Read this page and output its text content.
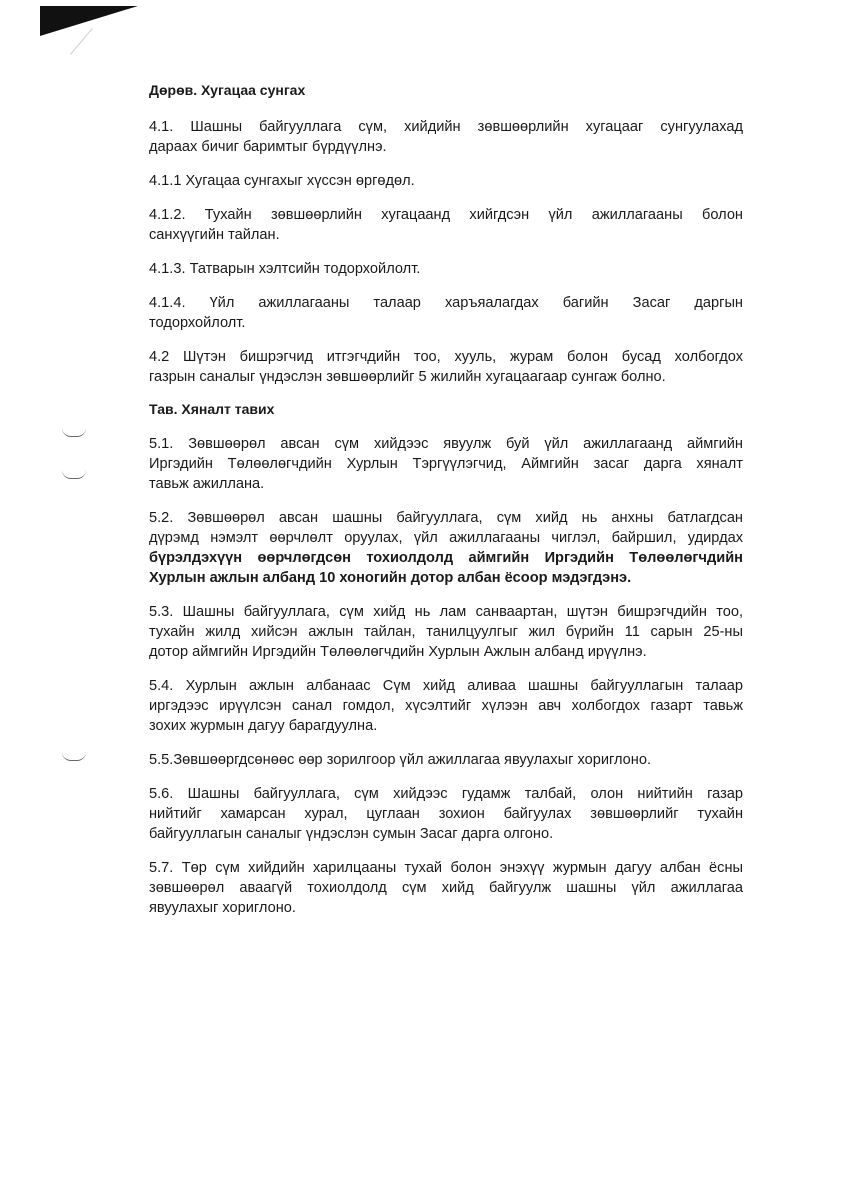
Дөрөв. Хугацаа сунгах

4.1. Шашны байгууллага сүм, хийдийн зөвшөөрлийн хугацааг сунгуулахад
дараах бичиг баримтыг бүрдүүлнэ.

4.1.1 Хугацаа сунгахыг хүссэн өргөдөл.

4.1.2. Тухайн зөвшөөрлийн хугацаанд хийгдсэн үйл ажиллагааны болон
санхүүгийн тайлан.

4.1.3. Татварын хэлтсийн тодорхойлолт.

4.1.4. Үйл ажиллагааны талаар харъяалагдах багийн Засаг даргын
тодорхойлолт.

4.2 Шүтэн бишрэгчид итгэгчдийн тоо, хууль, журам болон бусад холбогдох
газрын саналыг үндэслэн зөвшөөрлийг 5 жилийн хугацаагаар сунгаж болно.

Тав. Хяналт тавих

5.1. Зөвшөөрөл авсан сүм хийдээс явуулж буй үйл ажиллагаанд аймгийн
Иргэдийн Төлөөлөгчдийн Хурлын Тэргүүлэгчид, Аймгийн засаг дарга хяналт
тавьж ажиллана.

5.2. Зөвшөөрөл авсан шашны байгууллага, сүм хийд нь анхны батлагдсан
дүрэмд нэмэлт өөрчлөлт оруулах, үйл ажиллагааны чиглэл, байршил, удирдах
бүрэлдэхүүн өөрчлөгдсөн тохиолдолд аймгийн Иргэдийн Төлөөлөгчдийн
Хурлын ажлын албанд 10 хоногийн дотор албан ёсоор мэдэгдэнэ.

5.3. Шашны байгууллага, сүм хийд нь лам санваартан, шүтэн бишрэгчдийн тоо,
тухайн жилд хийсэн ажлын тайлан, танилцуулгыг жил бүрийн 11 сарын 25-ны
дотор аймгийн Иргэдийн Төлөөлөгчдийн Хурлын Ажлын албанд ирүүлнэ.

5.4. Хурлын ажлын албанаас Сүм хийд аливаа шашны байгууллагын талаар
иргэдээс ирүүлсэн санал гомдол, хүсэлтийг хүлээн авч холбогдох газарт тавьж
зохих журмын дагуу барагдуулна.

5.5.Зөвшөөргдсөнөөс өөр зорилгоор үйл ажиллагаа явуулахыг хориглоно.

5.6. Шашны байгууллага, сүм хийдээс гудамж талбай, олон нийтийн газар
нийтийг хамарсан хурал, цуглаан зохион байгуулах зөвшөөрлийг тухайн
байгууллагын саналыг үндэслэн сумын Засаг дарга олгоно.

5.7. Төр сүм хийдийн харилцааны тухай болон энэхүү журмын дагуу албан ёсны
зөвшөөрөл аваагүй тохиолдолд сүм хийд байгуулж шашны үйл ажиллагаа
явуулахыг хориглоно.
